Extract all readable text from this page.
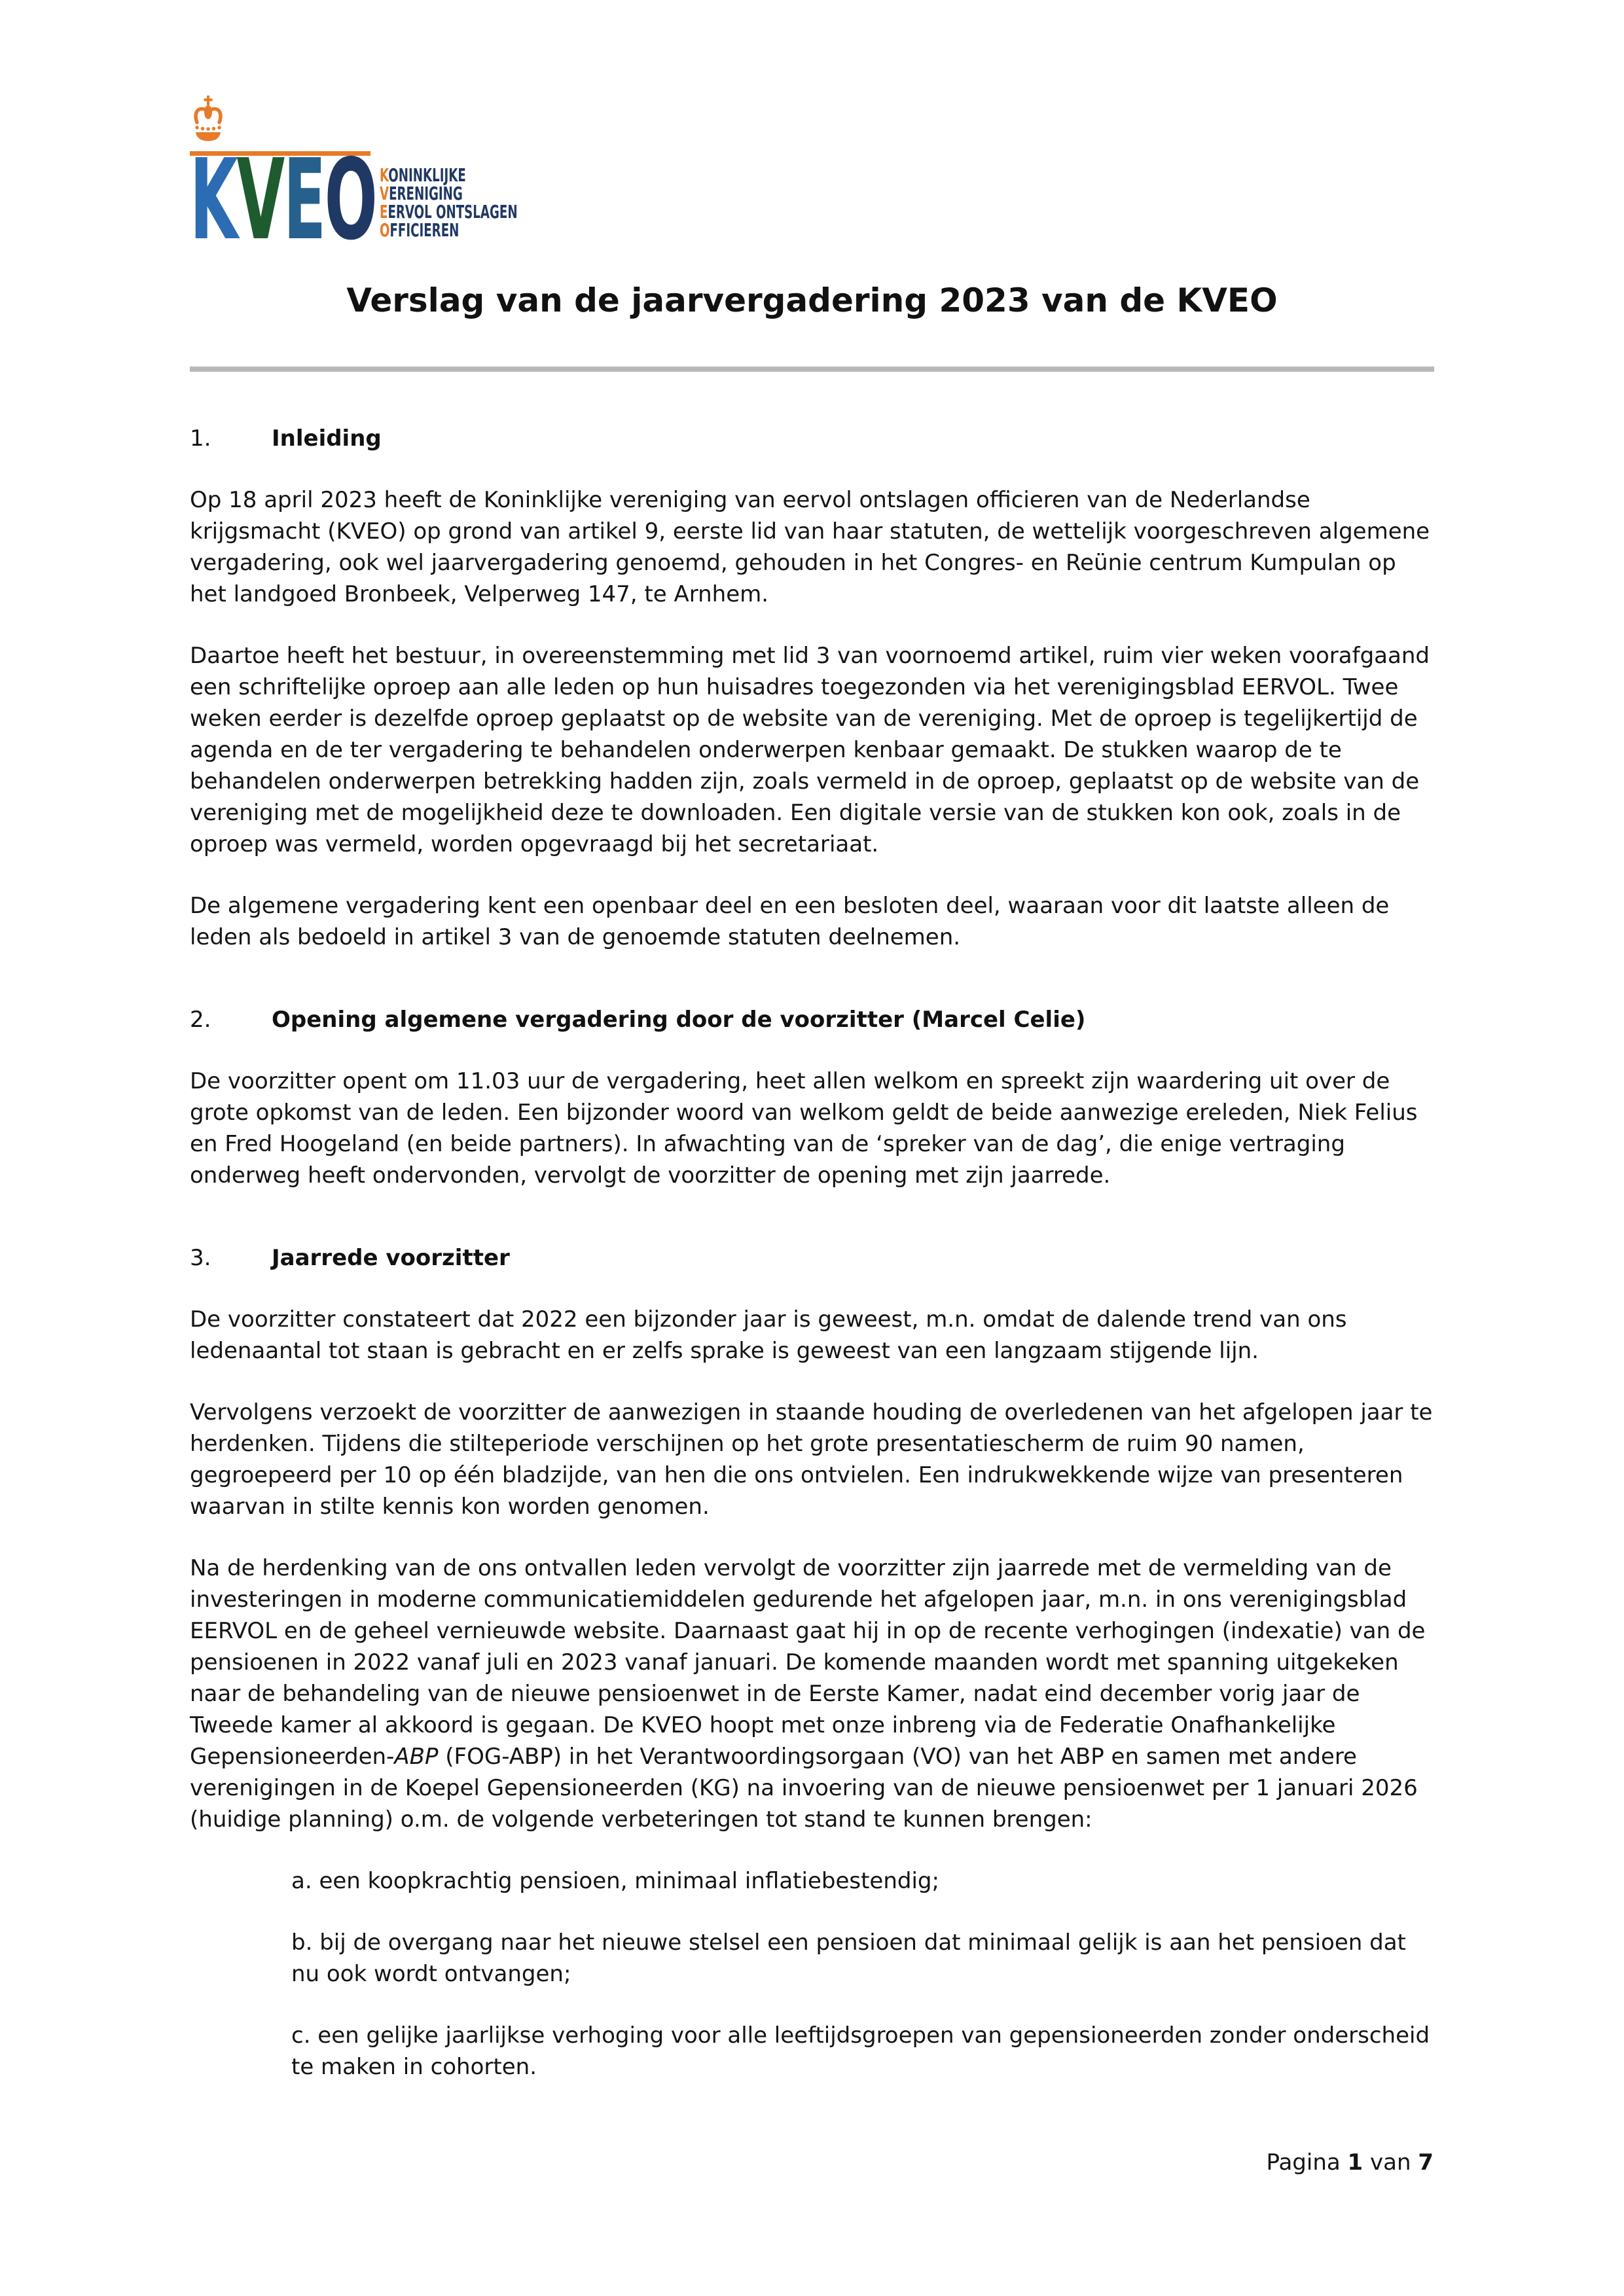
KVEO KONINKLIJKE
VERENIGING
EERVOL ONTSLAGEN
OFFICIEREN
Verslag van de jaarvergadering 2023 van de KVEO
1.	Inleiding

Op 18 april 2023 heeft de Koninklijke vereniging van eervol ontslagen officieren van de Nederlandse krijgsmacht (KVEO) op grond van artikel 9, eerste lid van haar statuten, de wettelijk voorgeschreven algemene vergadering, ook wel jaarvergadering genoemd, gehouden in het Congres- en Reünie centrum Kumpulan op het landgoed Bronbeek, Velperweg 147, te Arnhem.

Daartoe heeft het bestuur, in overeenstemming met lid 3 van voornoemd artikel, ruim vier weken voorafgaand een schriftelijke oproep aan alle leden op hun huisadres toegezonden via het verenigingsblad EERVOL. Twee weken eerder is dezelfde oproep geplaatst op de website van de vereniging. Met de oproep is tegelijkertijd de agenda en de ter vergadering te behandelen onderwerpen kenbaar gemaakt. De stukken waarop de te behandelen onderwerpen betrekking hadden zijn, zoals vermeld in de oproep, geplaatst op de website van de vereniging met de mogelijkheid deze te downloaden. Een digitale versie van de stukken kon ook, zoals in de oproep was vermeld, worden opgevraagd bij het secretariaat.

De algemene vergadering kent een openbaar deel en een besloten deel, waaraan voor dit laatste alleen de leden als bedoeld in artikel 3 van de genoemde statuten deelnemen.

2.	Opening algemene vergadering door de voorzitter (Marcel Celie)

De voorzitter opent om 11.03 uur de vergadering, heet allen welkom en spreekt zijn waardering uit over de grote opkomst van de leden. Een bijzonder woord van welkom geldt de beide aanwezige ereleden, Niek Felius en Fred Hoogeland (en beide partners). In afwachting van de ‘spreker van de dag’, die enige vertraging onderweg heeft ondervonden, vervolgt de voorzitter de opening met zijn jaarrede.

3.	Jaarrede voorzitter

De voorzitter constateert dat 2022 een bijzonder jaar is geweest, m.n. omdat de dalende trend van ons ledenaantal tot staan is gebracht en er zelfs sprake is geweest van een langzaam stijgende lijn.

Vervolgens verzoekt de voorzitter de aanwezigen in staande houding de overledenen van het afgelopen jaar te herdenken. Tijdens die stilteperiode verschijnen op het grote presentatiescherm de ruim 90 namen, gegroepeerd per 10 op één bladzijde, van hen die ons ontvielen. Een indrukwekkende wijze van presenteren waarvan in stilte kennis kon worden genomen.

Na de herdenking van de ons ontvallen leden vervolgt de voorzitter zijn jaarrede met de vermelding van de investeringen in moderne communicatiemiddelen gedurende het afgelopen jaar, m.n. in ons verenigingsblad EERVOL en de geheel vernieuwde website. Daarnaast gaat hij in op de recente verhogingen (indexatie) van de pensioenen in 2022 vanaf juli en 2023 vanaf januari. De komende maanden wordt met spanning uitgekeken naar de behandeling van de nieuwe pensioenwet in de Eerste Kamer, nadat eind december vorig jaar de Tweede kamer al akkoord is gegaan. De KVEO hoopt met onze inbreng via de Federatie Onafhankelijke Gepensioneerden-ABP (FOG-ABP) in het Verantwoordingsorgaan (VO) van het ABP en samen met andere verenigingen in de Koepel Gepensioneerden (KG) na invoering van de nieuwe pensioenwet per 1 januari 2026 (huidige planning) o.m. de volgende verbeteringen tot stand te kunnen brengen:

a. een koopkrachtig pensioen, minimaal inflatiebestendig;

b. bij de overgang naar het nieuwe stelsel een pensioen dat minimaal gelijk is aan het pensioen dat nu ook wordt ontvangen;

c. een gelijke jaarlijkse verhoging voor alle leeftijdsgroepen van gepensioneerden zonder onderscheid te maken in cohorten.

Pagina 1 van 7
